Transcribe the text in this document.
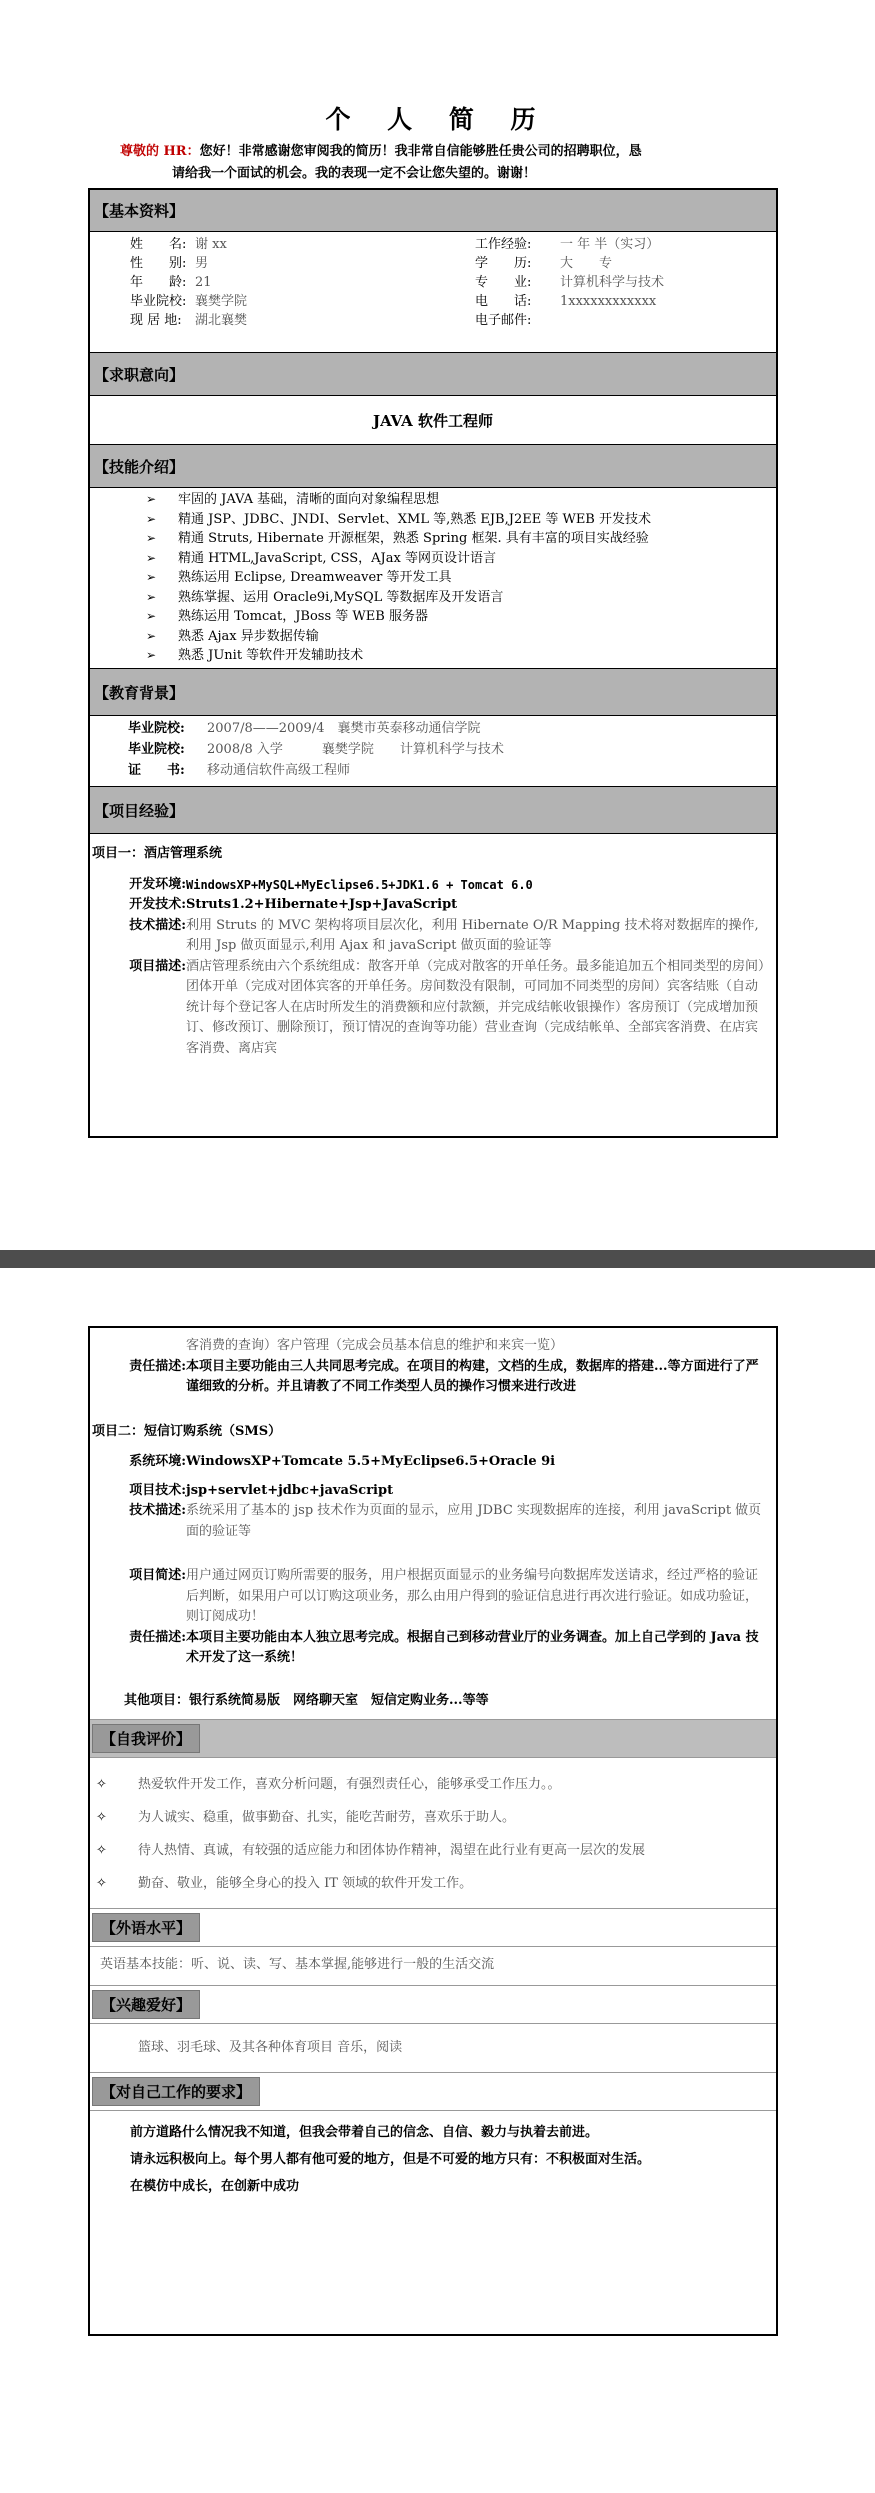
个 人 简 历
尊敬的 HR：您好！非常感谢您审阅我的简历！我非常自信能够胜任贵公司的招聘职位，恳
请给我一个面试的机会。我的表现一定不会让您失望的。谢谢！
【基本资料】
姓　　名: 谢 xx	工作经验:	一 年 半（实习）
性　　别: 男	学　　历:	大　　专
年　　龄: 21	专　　业:	计算机科学与技术
毕业院校: 襄樊学院	电　　话:	1xxxxxxxxxxxx
现 居 地:	湖北襄樊	电子邮件:
【求职意向】
JAVA 软件工程师
【技能介绍】
➢	牢固的 JAVA 基础，清晰的面向对象编程思想
➢	精通 JSP、JDBC、JNDI、Servlet、XML 等,熟悉 EJB,J2EE 等 WEB 开发技术
➢	精通 Struts, Hibernate 开源框架，熟悉 Spring 框架. 具有丰富的项目实战经验
➢	精通 HTML,JavaScript, CSS，AJax 等网页设计语言
➢	熟练运用 Eclipse, Dreamweaver 等开发工具
➢	熟练掌握、运用 Oracle9i,MySQL 等数据库及开发语言
➢	熟练运用 Tomcat，JBoss 等 WEB 服务器
➢	熟悉 Ajax 异步数据传输
➢	熟悉 JUnit 等软件开发辅助技术
【教育背景】
毕业院校:	2007/8——2009/4　襄樊市英泰移动通信学院
毕业院校:	2008/8 入学　　　襄樊学院　　计算机科学与技术
证　　书:	移动通信软件高级工程师
【项目经验】
项目一：酒店管理系统
开发环境: WindowsXP+MySQL+MyEclipse6.5+JDK1.6 + Tomcat 6.0
开发技术: Struts1.2+Hibernate+Jsp+JavaScript
技术描述: 利用 Struts 的 MVC 架构将项目层次化，利用 Hibernate O/R Mapping 技术将对数据库的操作,利用 Jsp 做页面显示,利用 Ajax 和 javaScript 做页面的验证等
项目描述: 酒店管理系统由六个系统组成：散客开单（完成对散客的开单任务。最多能追加五个相同类型的房间）团体开单（完成对团体宾客的开单任务。房间数没有限制，可同加不同类型的房间）宾客结账（自动统计每个登记客人在店时所发生的消费额和应付款额，并完成结帐收银操作）客房预订（完成增加预订、修改预订、删除预订，预订情况的查询等功能）营业查询（完成结帐单、全部宾客消费、在店宾客消费、离店宾
客消费的查询）客户管理（完成会员基本信息的维护和来宾一览）
责任描述: 本项目主要功能由三人共同思考完成。在项目的构建，文档的生成，数据库的搭建...等方面进行了严谨细致的分析。并且请教了不同工作类型人员的操作习惯来进行改进
项目二：短信订购系统（SMS）
系统环境: WindowsXP+Tomcate 5.5+MyEclipse6.5+Oracle 9i
项目技术: jsp+servlet+jdbc+javaScript
技术描述: 系统采用了基本的 jsp 技术作为页面的显示，应用 JDBC 实现数据库的连接，利用 javaScript 做页面的验证等
项目简述: 用户通过网页订购所需要的服务，用户根据页面显示的业务编号向数据库发送请求，经过严格的验证后判断，如果用户可以订购这项业务，那么由用户得到的验证信息进行再次进行验证。如成功验证，则订阅成功！
责任描述: 本项目主要功能由本人独立思考完成。根据自己到移动营业厅的业务调查。加上自己学到的 Java 技术开发了这一系统！
其他项目：银行系统简易版　网络聊天室　短信定购业务...等等
【自我评价】
✧	热爱软件开发工作，喜欢分析问题，有强烈责任心，能够承受工作压力。。
✧	为人诚实、稳重，做事勤奋、扎实，能吃苦耐劳，喜欢乐于助人。
✧	待人热情、真诚，有较强的适应能力和团体协作精神，渴望在此行业有更高一层次的发展
✧	勤奋、敬业，能够全身心的投入 IT 领域的软件开发工作。
【外语水平】
英语基本技能：听、说、读、写、基本掌握,能够进行一般的生活交流
【兴趣爱好】
篮球、羽毛球、及其各种体育项目 音乐，阅读
【对自己工作的要求】
前方道路什么情况我不知道，但我会带着自己的信念、自信、毅力与执着去前进。
请永远积极向上。每个男人都有他可爱的地方，但是不可爱的地方只有：不积极面对生活。
在模仿中成长，在创新中成功
